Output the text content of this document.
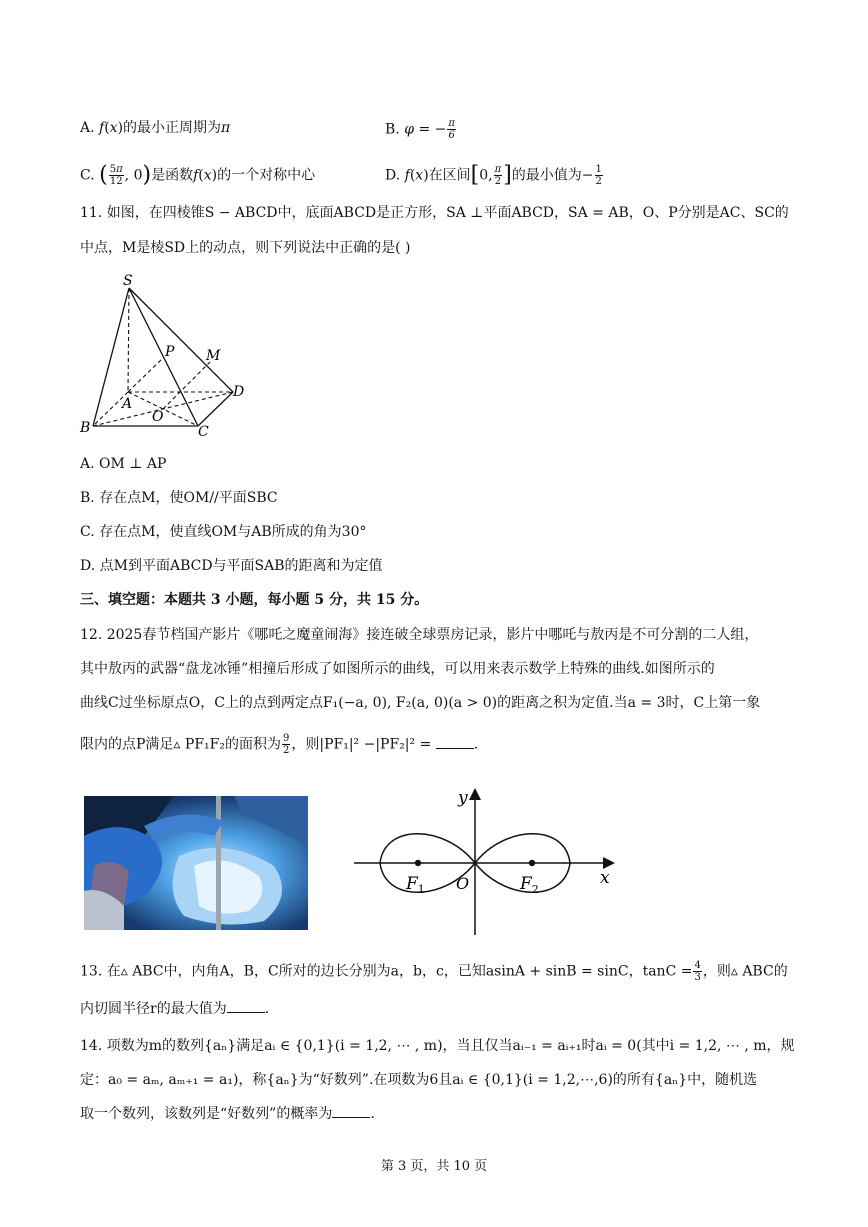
A. f(x)的最小正周期为π	B. φ = − $\frac{\pi}{6}$
C. ( $\frac{5\pi}{12}$ , 0)是函数f(x)的一个对称中心	D. f(x)在区间[0, $\frac{\pi}{2}$ ]的最小值为− $\frac{1}{2}$
11. 如图，在四棱锥S − ABCD中，底面ABCD是正方形，SA ⊥平面ABCD，SA = AB，O、P分别是AC、SC的
中点，M是棱SD上的动点，则下列说法中正确的是( )
S
P M
A
D
O
B	C
A. OM ⊥ AP
B. 存在点M，使OM//平面SBC
C. 存在点M，使直线OM与AB所成的角为30°
D. 点M到平面ABCD与平面SAB的距离和为定值
三、填空题：本题共 3 小题，每小题 5 分，共 15 分。
12. 2025春节档国产影片《哪吒之魔童闹海》接连破全球票房记录，影片中哪吒与敖丙是不可分割的二人组，
其中敖丙的武器“盘龙冰锤”相撞后形成了如图所示的曲线，可以用来表示数学上特殊的曲线.如图所示的
曲线C过坐标原点O，C上的点到两定点F₁(−a, 0), F₂(a, 0)(a > 0)的距离之积为定值.当a = 3时，C上第一象
限内的点P满足▵ PF₁F₂的面积为 $\frac{9}{2}$ ，则|PF₁|² −|PF₂|² =	.
y
x
O
$F_1$	$F_2$
13. 在▵ ABC中，内角A，B，C所对的边长分别为a，b，c，已知asinA + sinB = sinC，$\tan C = \frac{4}{3}$ ，则▵ ABC的
内切圆半径r的最大值为	.
14. 项数为m的数列{aₙ}满足aᵢ ∈ {0,1}(i = 1,2, ⋯ , m)，当且仅当aᵢ₋₁ = aᵢ₊₁时aᵢ = 0(其中i = 1,2, ⋯ , m，规
定：a₀ = aₘ, aₘ₊₁ = a₁)，称{aₙ}为“好数列”.在项数为6且aᵢ ∈ {0,1}(i = 1,2,⋯,6)的所有{aₙ}中，随机选
取一个数列，该数列是“好数列”的概率为	.
第 3 页，共 10 页
